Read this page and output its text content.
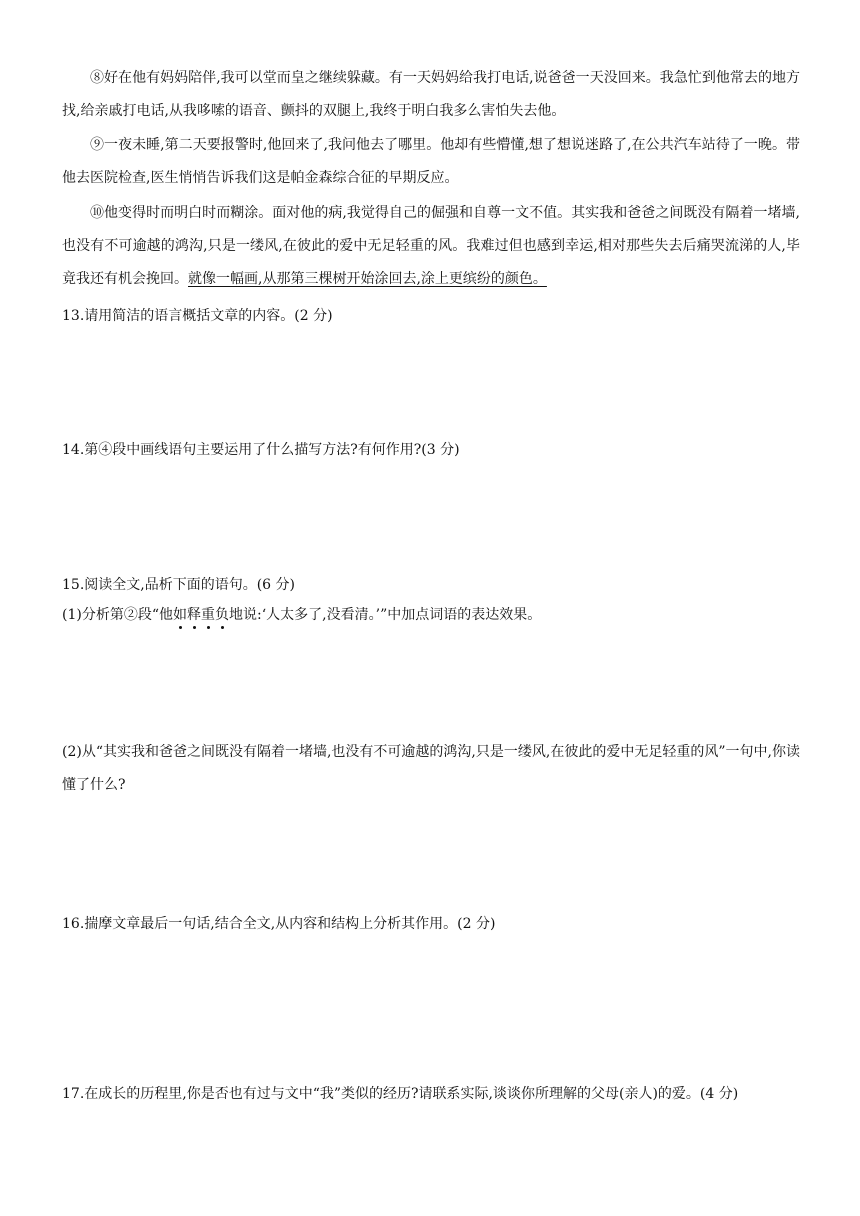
⑧好在他有妈妈陪伴,我可以堂而皇之继续躲藏。有一天妈妈给我打电话,说爸爸一天没回来。我急忙到他常去的地方找,给亲戚打电话,从我哆嗦的语音、颤抖的双腿上,我终于明白我多么害怕失去他。

⑨一夜未睡,第二天要报警时,他回来了,我问他去了哪里。他却有些懵懂,想了想说迷路了,在公共汽车站待了一晚。带他去医院检查,医生悄悄告诉我们这是帕金森综合征的早期反应。

⑩他变得时而明白时而糊涂。面对他的病,我觉得自己的倔强和自尊一文不值。其实我和爸爸之间既没有隔着一堵墙,也没有不可逾越的鸿沟,只是一缕风,在彼此的爱中无足轻重的风。我难过但也感到幸运,相对那些失去后痛哭流涕的人,毕竟我还有机会挽回。就像一幅画,从那第三棵树开始涂回去,涂上更缤纷的颜色。

13.请用简洁的语言概括文章的内容。(2 分)

14.第④段中画线语句主要运用了什么描写方法?有何作用?(3 分)

15.阅读全文,品析下面的语句。(6 分)

(1)分析第②段“他如释重负地说:‘人太多了,没看清。’”中加点词语的表达效果。

(2)从“其实我和爸爸之间既没有隔着一堵墙,也没有不可逾越的鸿沟,只是一缕风,在彼此的爱中无足轻重的风”一句中,你读懂了什么?

16.揣摩文章最后一句话,结合全文,从内容和结构上分析其作用。(2 分)

17.在成长的历程里,你是否也有过与文中“我”类似的经历?请联系实际,谈谈你所理解的父母(亲人)的爱。(4 分)
